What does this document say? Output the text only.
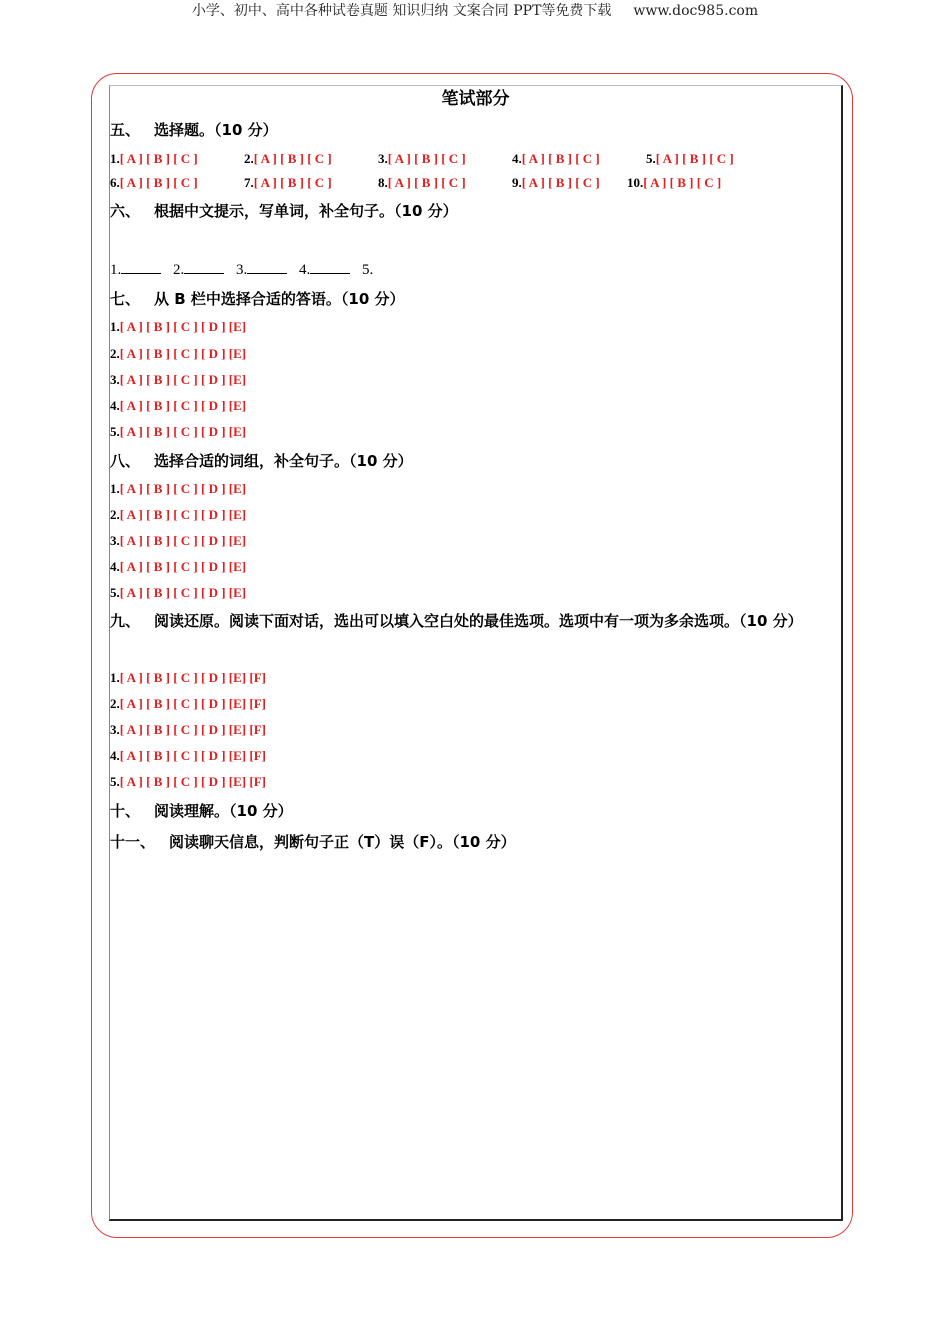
小学、初中、高中各种试卷真题 知识归纳 文案合同 PPT等免费下载 www.doc985.com
笔试部分
五、 选择题。（10 分）
1.[ A ] [ B ] [ C ]	2.[ A ] [ B ] [ C ]	3.[ A ] [ B ] [ C ]	4.[ A ] [ B ] [ C ]	5.[ A ] [ B ] [ C ]
6.[ A ] [ B ] [ C ]	7.[ A ] [ B ] [ C ]	8.[ A ] [ B ] [ C ]	9.[ A ] [ B ] [ C ] 10.[ A ] [ B ] [ C ]
六、 根据中文提示，写单词，补全句子。（10 分）
1.	2.	3.	4.	5.
七、 从 B 栏中选择合适的答语。（10 分）
1.[ A ] [ B ] [ C ] [ D ] [E]
2.[ A ] [ B ] [ C ] [ D ] [E]
3.[ A ] [ B ] [ C ] [ D ] [E]
4.[ A ] [ B ] [ C ] [ D ] [E]
5.[ A ] [ B ] [ C ] [ D ] [E]
八、 选择合适的词组，补全句子。（10 分）
1.[ A ] [ B ] [ C ] [ D ] [E]
2.[ A ] [ B ] [ C ] [ D ] [E]
3.[ A ] [ B ] [ C ] [ D ] [E]
4.[ A ] [ B ] [ C ] [ D ] [E]
5.[ A ] [ B ] [ C ] [ D ] [E]
九、 阅读还原。阅读下面对话，选出可以填入空白处的最佳选项。选项中有一项为多余选项。（10 分）
1.[ A ] [ B ] [ C ] [ D ] [E] [F]
2.[ A ] [ B ] [ C ] [ D ] [E] [F]
3.[ A ] [ B ] [ C ] [ D ] [E] [F]
4.[ A ] [ B ] [ C ] [ D ] [E] [F]
5.[ A ] [ B ] [ C ] [ D ] [E] [F]
十、 阅读理解。（10 分）
十一、 阅读聊天信息，判断句子正（T）误（F）。（10 分）
